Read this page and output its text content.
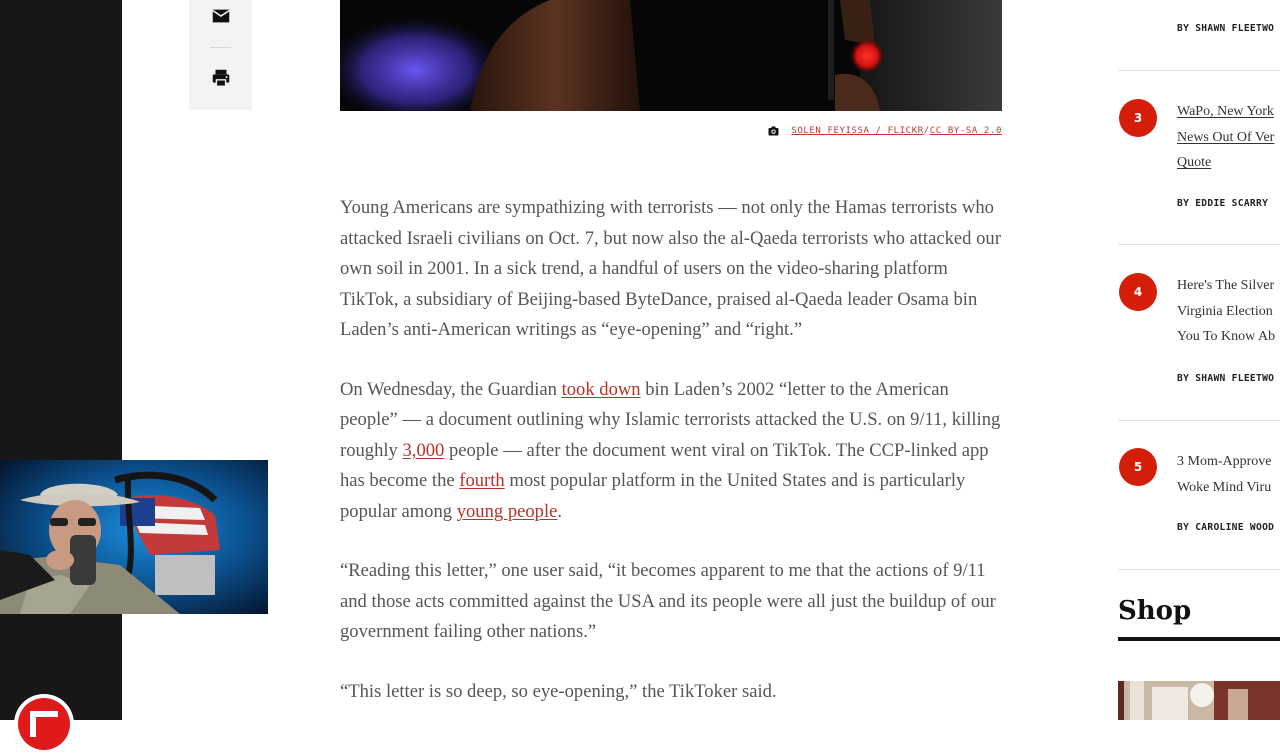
SOLEN FEYISSA / FLICKR / CC BY-SA 2.0

Young Americans are sympathizing with terrorists — not only the Hamas terrorists who attacked Israeli civilians on Oct. 7, but now also the al-Qaeda terrorists who attacked our own soil in 2001. In a sick trend, a handful of users on the video-sharing platform TikTok, a subsidiary of Beijing-based ByteDance, praised al-Qaeda leader Osama bin Laden’s anti-American writings as “eye-opening” and “right.”

On Wednesday, the Guardian took down bin Laden’s 2002 “letter to the American people” — a document outlining why Islamic terrorists attacked the U.S. on 9/11, killing roughly 3,000 people — after the document went viral on TikTok. The CCP-linked app has become the fourth most popular platform in the United States and is particularly popular among young people.

“Reading this letter,” one user said, “it becomes apparent to me that the actions of 9/11 and those acts committed against the USA and its people were all just the buildup of our government failing other nations.”

“This letter is so deep, so eye-opening,” the TikToker said.

BY SHAWN FLEETWO
3	WaPo, New York
News Out Of Ver
Quote
BY EDDIE SCARRY
4	Here's The Silver
Virginia Election
You To Know Ab
BY SHAWN FLEETWO
5	3 Mom-Approve
Woke Mind Viru
BY CAROLINE WOOD
Shop
